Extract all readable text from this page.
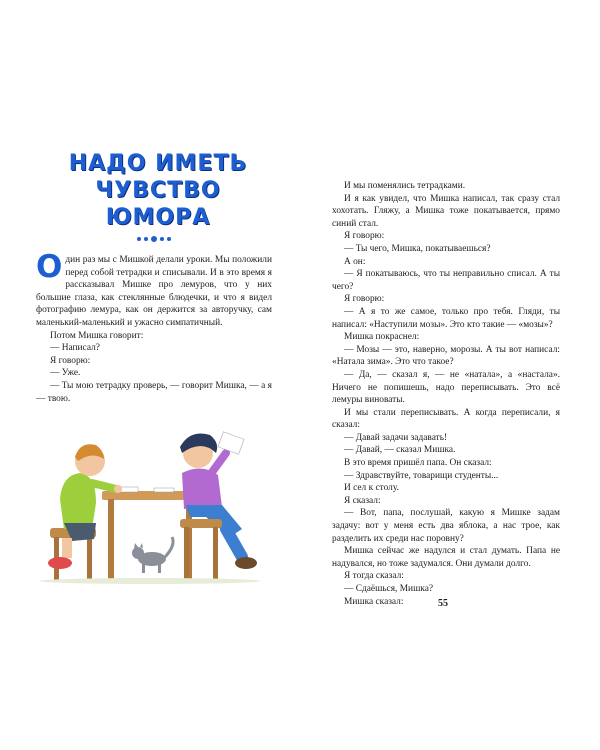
НАДО ИМЕТЬ
ЧУВСТВО ЮМОРА

Один раз мы с Мишкой делали уроки. Мы положили перед собой тетрадки и списывали. И в это время я рассказывал Мишке про лемуров, что у них большие глаза, как стеклянные блюдечки, и что я видел фотографию лемура, как он держится за авторучку, сам маленький-маленький и ужасно симпатичный.

Потом Мишка говорит:

— Написал?

Я говорю:

— Уже.

— Ты мою тетрадку проверь, — говорит Мишка, — а я — твою.

И мы поменялись тетрадками.

И я как увидел, что Мишка написал, так сразу стал хохотать. Гляжу, а Мишка тоже покатывается, прямо синий стал.

Я говорю:

— Ты чего, Мишка, покатываешься?

А он:

— Я покатываюсь, что ты неправильно списал. А ты чего?

Я говорю:

— А я то же самое, только про тебя. Гляди, ты написал: «Наступили мозы». Это кто такие — «мозы»?

Мишка покраснел:

— Мозы — это, наверно, морозы. А ты вот написал: «Натала зима». Это что такое?

— Да, — сказал я, — не «натала», а «настала». Ничего не попишешь, надо переписывать. Это всё лемуры виноваты.

И мы стали переписывать. А когда переписали, я сказал:

— Давай задачи задавать!

— Давай, — сказал Мишка.

В это время пришёл папа. Он сказал:

— Здравствуйте, товарищи студенты...

И сел к столу.

Я сказал:

— Вот, папа, послушай, какую я Мишке задам задачу: вот у меня есть два яблока, а нас трое, как разделить их среди нас поровну?

Мишка сейчас же надулся и стал думать. Папа не надувался, но тоже задумался. Они думали долго.

Я тогда сказал:

— Сдаёшься, Мишка?

Мишка сказал:	55
